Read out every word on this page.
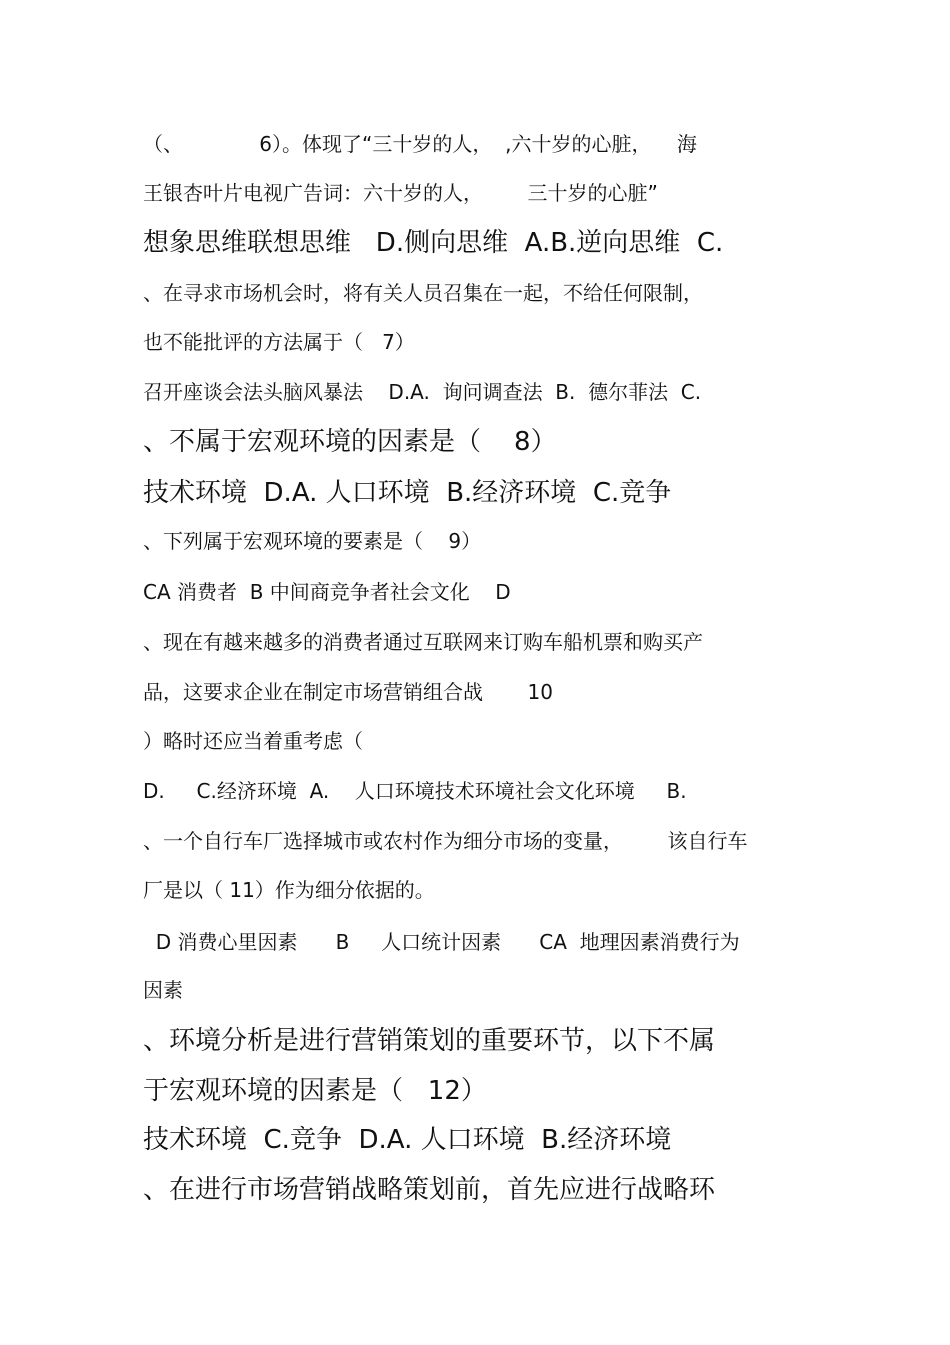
（、            6）。体现了“三十岁的人，  ,六十岁的心脏，    海
王银杏叶片电视广告词：六十岁的人，       三十岁的心脏”
想象思维联想思维   D.侧向思维  A.B.逆向思维  C.
、在寻求市场机会时，将有关人员召集在一起，不给任何限制，
也不能批评的方法属于（   7）
召开座谈会法头脑风暴法    D.A.  询问调查法  B.  德尔菲法  C.
、不属于宏观环境的因素是（    8）
技术环境  D.A. 人口环境  B.经济环境  C.竞争
、下列属于宏观环境的要素是（    9）
CA 消费者  B 中间商竞争者社会文化    D
、现在有越来越多的消费者通过互联网来订购车船机票和购买产
品，这要求企业在制定市场营销组合战       10
）略时还应当着重考虑（
D.     C.经济环境  A.    人口环境技术环境社会文化环境     B.
、一个自行车厂选择城市或农村作为细分市场的变量，       该自行车
厂是以（ 11）作为细分依据的。
D 消费心里因素      B     人口统计因素      CA  地理因素消费行为
因素
、环境分析是进行营销策划的重要环节，以下不属
于宏观环境的因素是（   12）
技术环境  C.竞争  D.A. 人口环境  B.经济环境
、在进行市场营销战略策划前，首先应进行战略环
